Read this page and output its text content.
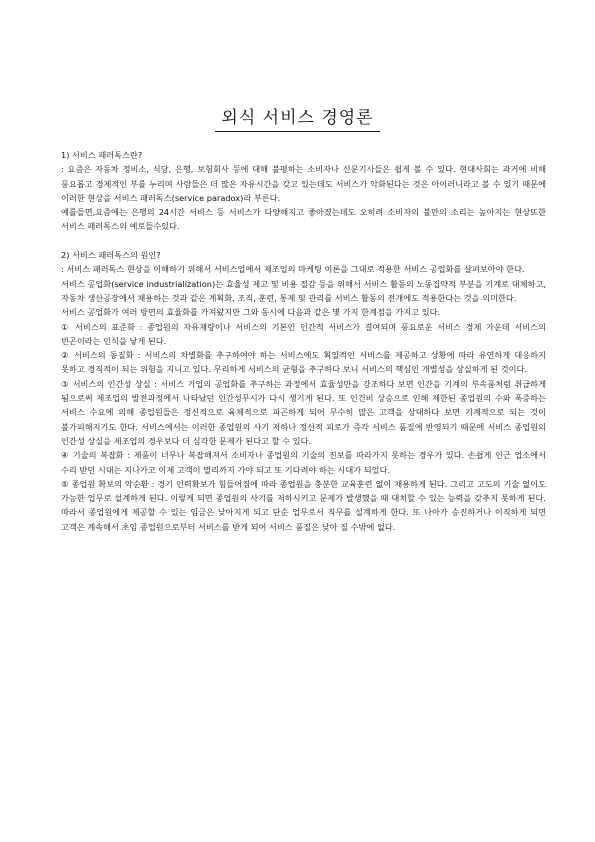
외식 서비스 경영론

1) 서비스 패러독스란?

: 요즘은 자동차 정비소, 식당, 은행, 보험회사 등에 대해 불평하는 소비자나 신문기사들은 쉽게 볼 수 있다. 현대사회는 과거에 비해 풍요롭고 경제적인 부를 누리며 사람들은 더 많은 자유시간을 갖고 있는데도 서비스가 악화된다는 것은 아이러니라고 볼 수 있기 때문에 이러한 현상을 서비스 패러독스(service paradox)라 부른다.

예를들면,요즘에는 은행의 24시간 서비스 등 서비스가 다양해지고 좋아졌는데도 오히려 소비자의 불만의 소리는 높아지는 현상또한 서비스 패러독스의 예로들수있다.

2) 서비스 패러독스의 원인?

: 서비스 패러독스 현상을 이해하기 위해서 서비스업에서 제조업의 마케팅 이론을 그대로 적용한 서비스 공업화를 살펴보아야 한다.

서비스 공업화(service industrialization)는 효율성 제고 및 비용 절감 등을 위해서 서비스 활동의 노동집약적 부분을 기계로 대체하고, 자동차 생산공장에서 채용하는 것과 같은 계획화, 조직, 훈련, 통제 및 관리를 서비스 활동의 전개에도 적용한다는 것을 의미한다.

서비스 공업화가 여러 방면의 효율화를 가져왔지만 그와 동시에 다음과 같은 몇 가지 한계점을 가지고 있다.

① 서비스의 표준화 : 종업원의 자유재량이나 서비스의 기본인 인간적 서비스가 결여되며 풍요로운 서비스 경제 가운데 서비스의 빈곤이라는 인식을 낳게 된다.

② 서비스의 동질화 : 서비스의 차별화를 추구하여야 하는 서비스에도 획일적인 서비스를 제공하고 상황에 따라 유연하게 대응하지 못하고 경직적이 되는 위험을 지니고 있다. 무리하게 서비스의 균형을 추구하다 보니 서비스의 핵심인 개별성을 상실하게 된 것이다.

③ 서비스의 인간성 상실 : 서비스 기업의 공업화를 추구하는 과정에서 효율성만을 강조하다 보면 인간을 기계의 부속품처럼 취급하게 됨으로써 제조업의 발전과정에서 나타났던 인간성무시가 다시 생기게 된다. 또 인건비 상승으로 인해 제한된 종업원의 수와 폭증하는 서비스 수요에 의해 종업원들은 정신적으로 육체적으로 피곤하게 되어 무수히 많은 고객을 상대하다 보면 기계적으로 되는 것이 불가피해지기도 한다. 서비스에서는 이러한 종업원의 사기 저하나 정신적 피로가 즉각 서비스 품질에 반영되기 때문에 서비스 종업원의 인간성 상실을 제조업의 경우보다 더 심각한 문제가 된다고 할 수 있다.

④ 기술의 복잡화 : 제품이 너무나 복잡해져서 소비자나 종업원의 기술의 진보를 따라가지 못하는 경우가 있다. 손쉽게 인근 업소에서 수리 받던 시대는 지나가고 이제 고객이 멀리까지 가야 되고 또 기다려야 하는 시대가 되었다.

⑤ 종업원 확보의 악순환 : 경기 인력확보가 힘들어짐에 따라 종업원을 충분한 교육훈련 없이 채용하게 된다. 그리고 고도의 기술 없이도 가능한 업무로 설계하게 된다. 이렇게 되면 종업원의 사기를 저하시키고 문제가 발생했을 때 대처할 수 있는 능력을 갖추지 못하게 된다. 따라서 종업원에게 제공할 수 있는 임금은 낮아지게 되고 단순 업무로서 직무를 설계하게 한다. 또 나아가 승진하거나 이직하게 되면 고객은 계속해서 초임 종업원으로부터 서비스를 받게 되어 서비스 품질은 낮아 질 수밖에 없다.
